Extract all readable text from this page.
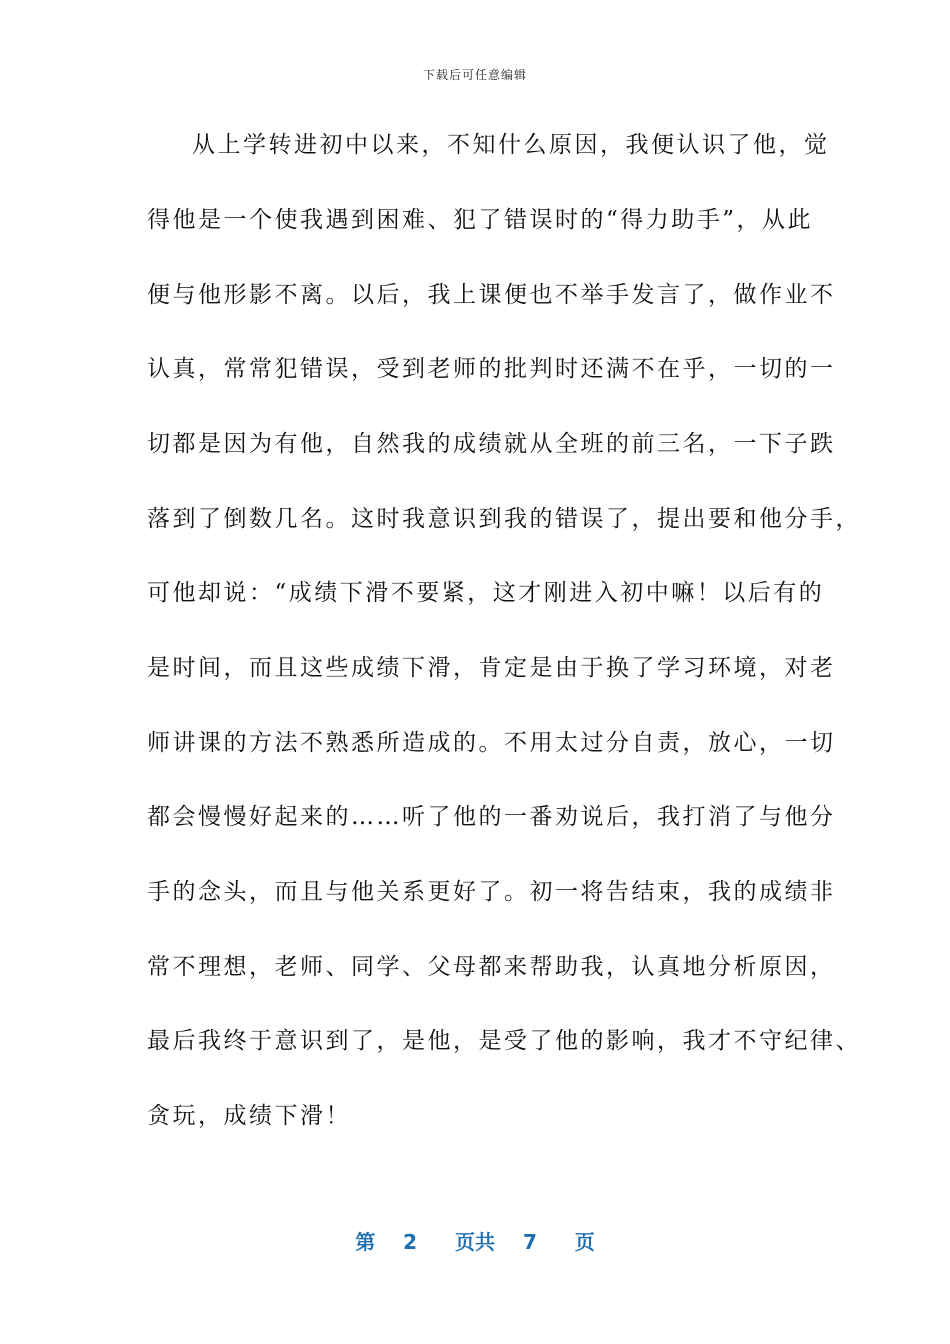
下载后可任意编辑
从上学转进初中以来，不知什么原因，我便认识了他，觉
得他是一个使我遇到困难、犯了错误时的“得力助手”，从此
便与他形影不离。以后，我上课便也不举手发言了，做作业不
认真，常常犯错误，受到老师的批判时还满不在乎，一切的一
切都是因为有他，自然我的成绩就从全班的前三名，一下子跌
落到了倒数几名。这时我意识到我的错误了，提出要和他分手，
可他却说：“成绩下滑不要紧，这才刚进入初中嘛！以后有的
是时间，而且这些成绩下滑，肯定是由于换了学习环境，对老
师讲课的方法不熟悉所造成的。不用太过分自责，放心，一切
都会慢慢好起来的……听了他的一番劝说后，我打消了与他分
手的念头，而且与他关系更好了。初一将告结束，我的成绩非
常不理想，老师、同学、父母都来帮助我，认真地分析原因，
最后我终于意识到了，是他，是受了他的影响，我才不守纪律、
贪玩，成绩下滑！
第 2 页共 7 页
